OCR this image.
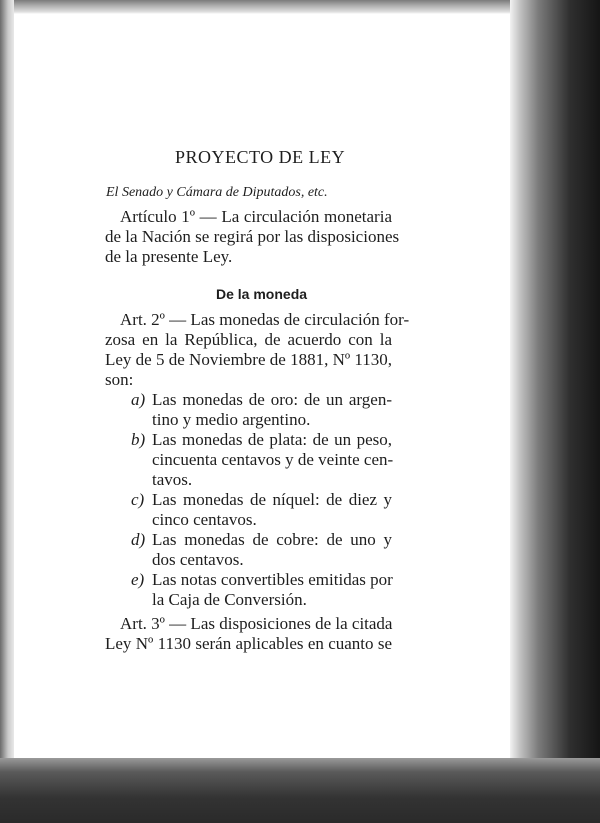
PROYECTO DE LEY
El Senado y Cámara de Diputados, etc.
Artículo 1º — La circulación monetaria
de la Nación se regirá por las disposiciones
de la presente Ley.
De la moneda
Art. 2º — Las monedas de circulación for-
zosa en la República, de acuerdo con la
Ley de 5 de Noviembre de 1881, Nº 1130,
son:
a) Las monedas de oro: de un argen-
tino y medio argentino.
b) Las monedas de plata: de un peso,
cincuenta centavos y de veinte cen-
tavos.
c) Las monedas de níquel: de diez y
cinco centavos.
d) Las monedas de cobre: de uno y
dos centavos.
e) Las notas convertibles emitidas por
la Caja de Conversión.
Art. 3º — Las disposiciones de la citada
Ley Nº 1130 serán aplicables en cuanto se
